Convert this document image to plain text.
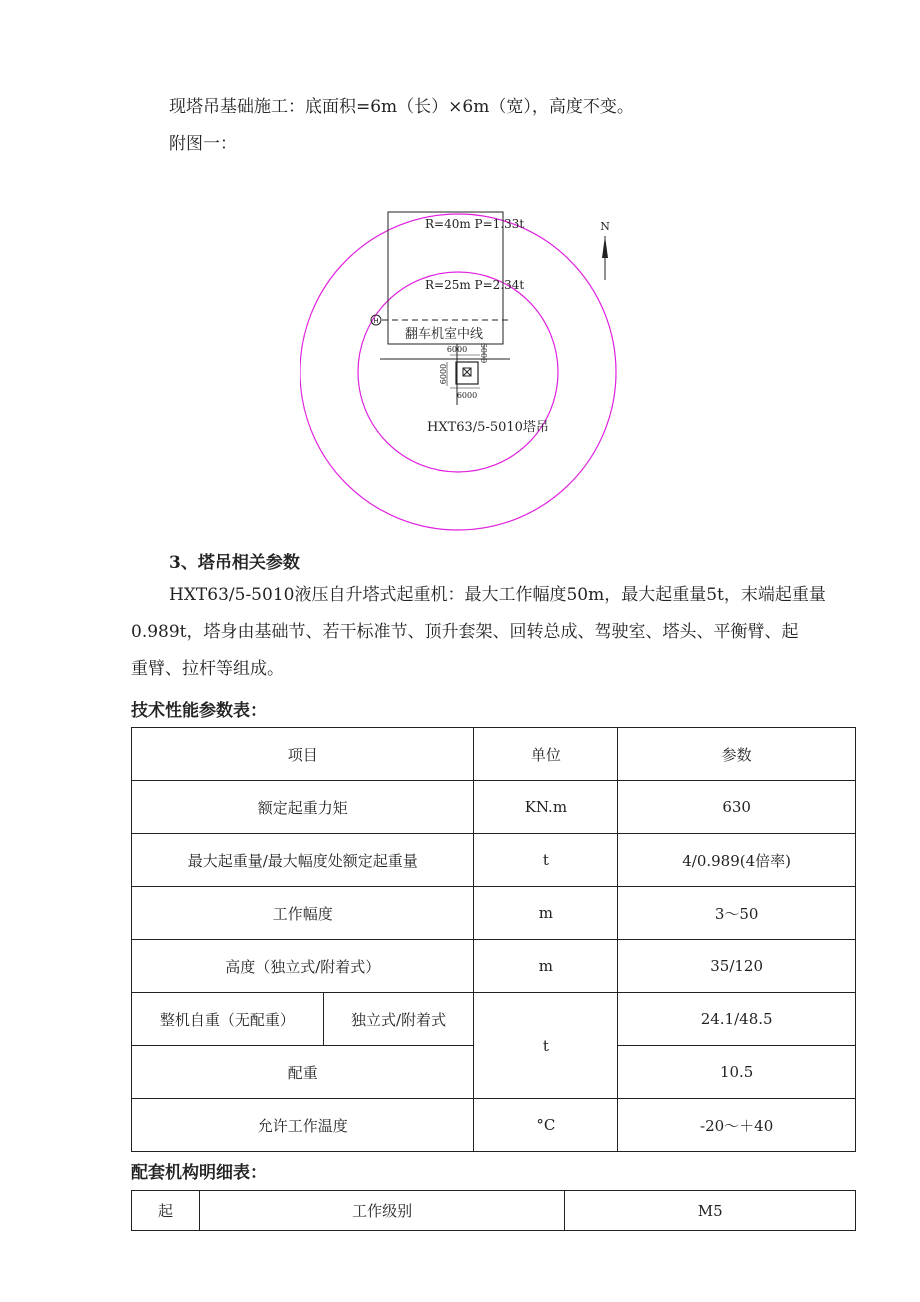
现塔吊基础施工：底面积=6m（长）×6m（宽），高度不变。
附图一：
H
6000
6000
6000
6000
R=40m P=1.33t
R=25m P=2.34t
翻车机室中线
HXT63/5-5010塔吊
N
3、塔吊相关参数
HXT63/5-5010液压自升塔式起重机：最大工作幅度50m，最大起重量5t，末端起重量
0.989t，塔身由基础节、若干标准节、顶升套架、回转总成、驾驶室、塔头、平衡臂、起
重臂、拉杆等组成。
技术性能参数表：
项目		单位	参数
额定起重力矩		KN.m	630
最大起重量/最大幅度处额定起重量		t	4/0.989(4倍率)
工作幅度		m	3～50
高度（独立式/附着式）		m	35/120
整机自重（无配重）	独立式/附着式	t	24.1/48.5
配重			10.5
允许工作温度		°C	-20～＋40
配套机构明细表：
起	工作级别	M5
